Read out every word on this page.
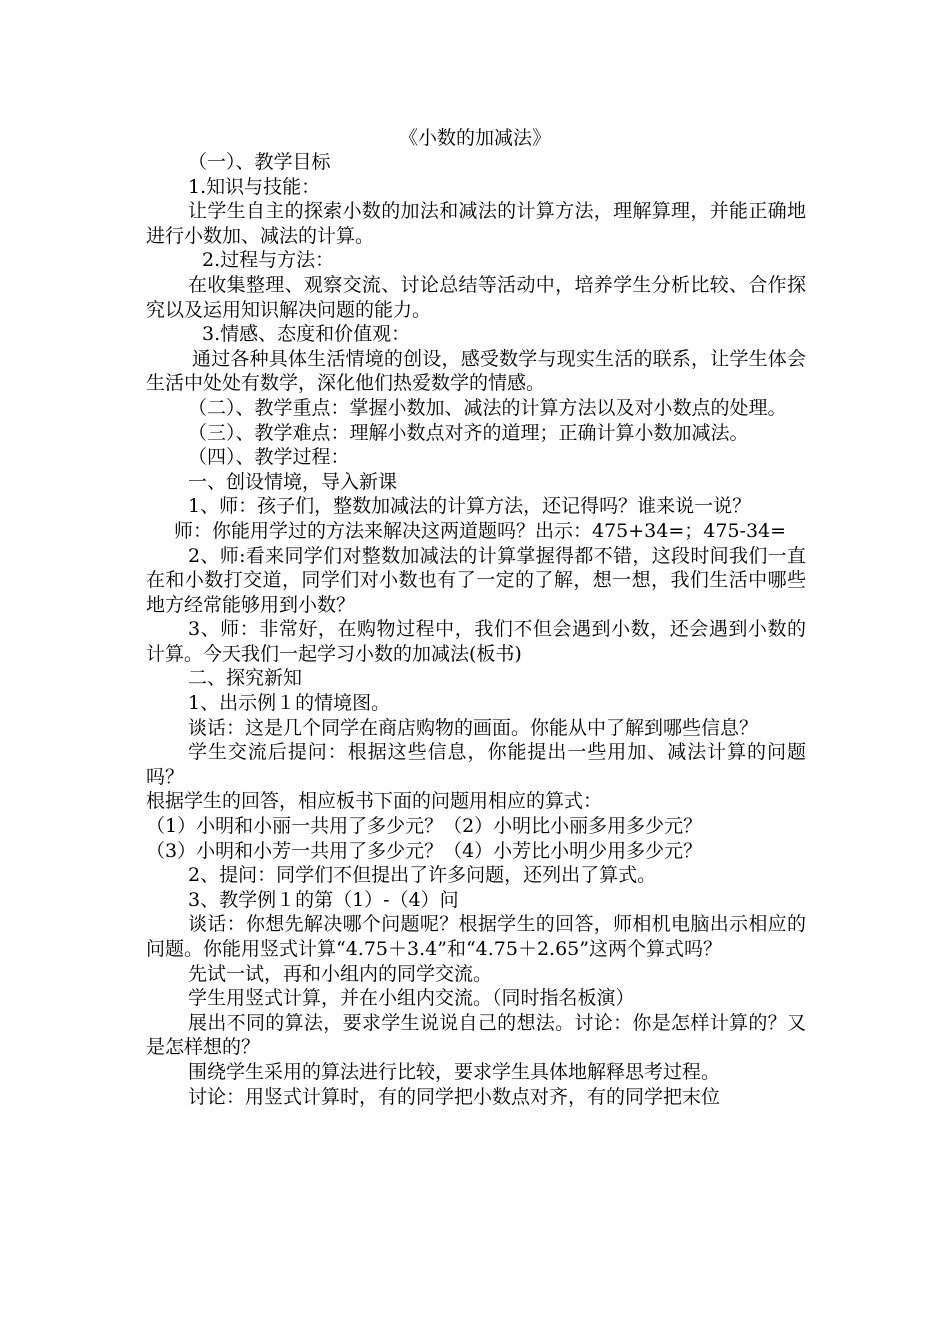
《小数的加减法》

（一）、教学目标

1.知识与技能：

让学生自主的探索小数的加法和减法的计算方法，理解算理，并能正确地进行小数加、减法的计算。

2.过程与方法：

在收集整理、观察交流、讨论总结等活动中，培养学生分析比较、合作探究以及运用知识解决问题的能力。

3.情感、态度和价值观：

通过各种具体生活情境的创设，感受数学与现实生活的联系，让学生体会生活中处处有数学，深化他们热爱数学的情感。

（二）、教学重点：掌握小数加、减法的计算方法以及对小数点的处理。

（三）、教学难点：理解小数点对齐的道理；正确计算小数加减法。

（四）、教学过程：

一、创设情境，导入新课

1、师：孩子们，整数加减法的计算方法，还记得吗？谁来说一说？

师：你能用学过的方法来解决这两道题吗？出示：475+34=；475-34=

2、师:看来同学们对整数加减法的计算掌握得都不错，这段时间我们一直在和小数打交道，同学们对小数也有了一定的了解，想一想，我们生活中哪些地方经常能够用到小数？

3、师：非常好，在购物过程中，我们不但会遇到小数，还会遇到小数的计算。今天我们一起学习小数的加减法(板书)

二、探究新知

1、出示例１的情境图。

谈话：这是几个同学在商店购物的画面。你能从中了解到哪些信息？

学生交流后提问：根据这些信息，你能提出一些用加、减法计算的问题吗？

根据学生的回答，相应板书下面的问题用相应的算式：

（1）小明和小丽一共用了多少元？（2）小明比小丽多用多少元？

（3）小明和小芳一共用了多少元？（4）小芳比小明少用多少元？

2、提问：同学们不但提出了许多问题，还列出了算式。

3、教学例１的第（1）-（4）问

谈话：你想先解决哪个问题呢？根据学生的回答，师相机电脑出示相应的问题。你能用竖式计算“4.75＋3.4”和“4.75＋2.65”这两个算式吗？

先试一试，再和小组内的同学交流。

学生用竖式计算，并在小组内交流。（同时指名板演）

展出不同的算法，要求学生说说自己的想法。讨论：你是怎样计算的？又是怎样想的？

围绕学生采用的算法进行比较，要求学生具体地解释思考过程。

讨论：用竖式计算时，有的同学把小数点对齐，有的同学把末位
